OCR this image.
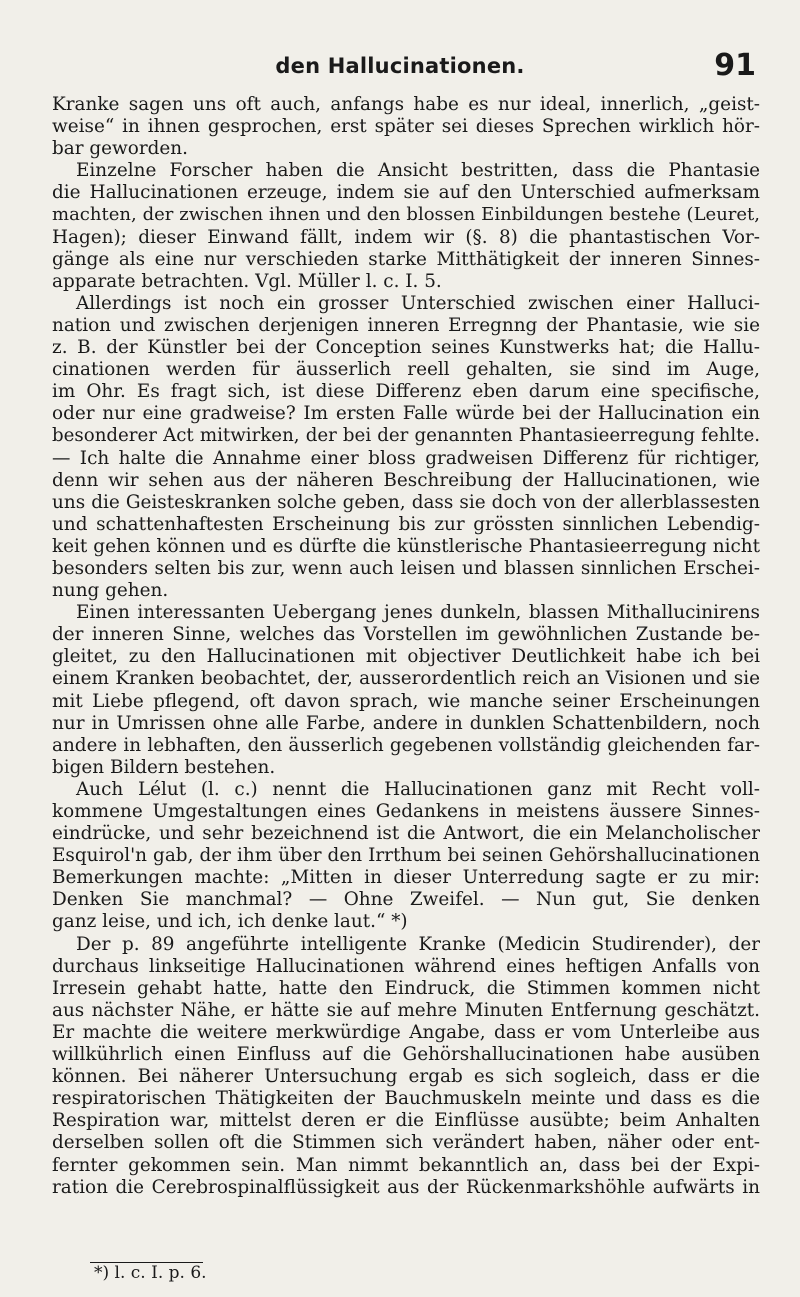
den Hallucinationen.	91
Kranke sagen uns oft auch, anfangs habe es nur ideal, innerlich, „geist-
weise“ in ihnen gesprochen, erst später sei dieses Sprechen wirklich hör-
bar geworden.
Einzelne Forscher haben die Ansicht bestritten, dass die Phantasie
die Hallucinationen erzeuge, indem sie auf den Unterschied aufmerksam
machten, der zwischen ihnen und den blossen Einbildungen bestehe (Leuret,
Hagen); dieser Einwand fällt, indem wir (§. 8) die phantastischen Vor-
gänge als eine nur verschieden starke Mitthätigkeit der inneren Sinnes-
apparate betrachten. Vgl. Müller l. c. I. 5.
Allerdings ist noch ein grosser Unterschied zwischen einer Halluci-
nation und zwischen derjenigen inneren Erregnng der Phantasie, wie sie
z. B. der Künstler bei der Conception seines Kunstwerks hat; die Hallu-
cinationen werden für äusserlich reell gehalten, sie sind im Auge,
im Ohr. Es fragt sich, ist diese Differenz eben darum eine specifische,
oder nur eine gradweise? Im ersten Falle würde bei der Hallucination ein
besonderer Act mitwirken, der bei der genannten Phantasieerregung fehlte.
— Ich halte die Annahme einer bloss gradweisen Differenz für richtiger,
denn wir sehen aus der näheren Beschreibung der Hallucinationen, wie
uns die Geisteskranken solche geben, dass sie doch von der allerblassesten
und schattenhaftesten Erscheinung bis zur grössten sinnlichen Lebendig-
keit gehen können und es dürfte die künstlerische Phantasieerregung nicht
besonders selten bis zur, wenn auch leisen und blassen sinnlichen Erschei-
nung gehen.
Einen interessanten Uebergang jenes dunkeln, blassen Mithallucinirens
der inneren Sinne, welches das Vorstellen im gewöhnlichen Zustande be-
gleitet, zu den Hallucinationen mit objectiver Deutlichkeit habe ich bei
einem Kranken beobachtet, der, ausserordentlich reich an Visionen und sie
mit Liebe pflegend, oft davon sprach, wie manche seiner Erscheinungen
nur in Umrissen ohne alle Farbe, andere in dunklen Schattenbildern, noch
andere in lebhaften, den äusserlich gegebenen vollständig gleichenden far-
bigen Bildern bestehen.
Auch Lélut (l. c.) nennt die Hallucinationen ganz mit Recht voll-
kommene Umgestaltungen eines Gedankens in meistens äussere Sinnes-
eindrücke, und sehr bezeichnend ist die Antwort, die ein Melancholischer
Esquirol'n gab, der ihm über den Irrthum bei seinen Gehörshallucinationen
Bemerkungen machte: „Mitten in dieser Unterredung sagte er zu mir:
Denken Sie manchmal? — Ohne Zweifel. — Nun gut, Sie denken
ganz leise, und ich, ich denke laut.“ *)
Der p. 89 angeführte intelligente Kranke (Medicin Studirender), der
durchaus linkseitige Hallucinationen während eines heftigen Anfalls von
Irresein gehabt hatte, hatte den Eindruck, die Stimmen kommen nicht
aus nächster Nähe, er hätte sie auf mehre Minuten Entfernung geschätzt.
Er machte die weitere merkwürdige Angabe, dass er vom Unterleibe aus
willkührlich einen Einfluss auf die Gehörshallucinationen habe ausüben
können. Bei näherer Untersuchung ergab es sich sogleich, dass er die
respiratorischen Thätigkeiten der Bauchmuskeln meinte und dass es die
Respiration war, mittelst deren er die Einflüsse ausübte; beim Anhalten
derselben sollen oft die Stimmen sich verändert haben, näher oder ent-
fernter gekommen sein. Man nimmt bekanntlich an, dass bei der Expi-
ration die Cerebrospinalflüssigkeit aus der Rückenmarkshöhle aufwärts in
*) l. c. I. p. 6.
